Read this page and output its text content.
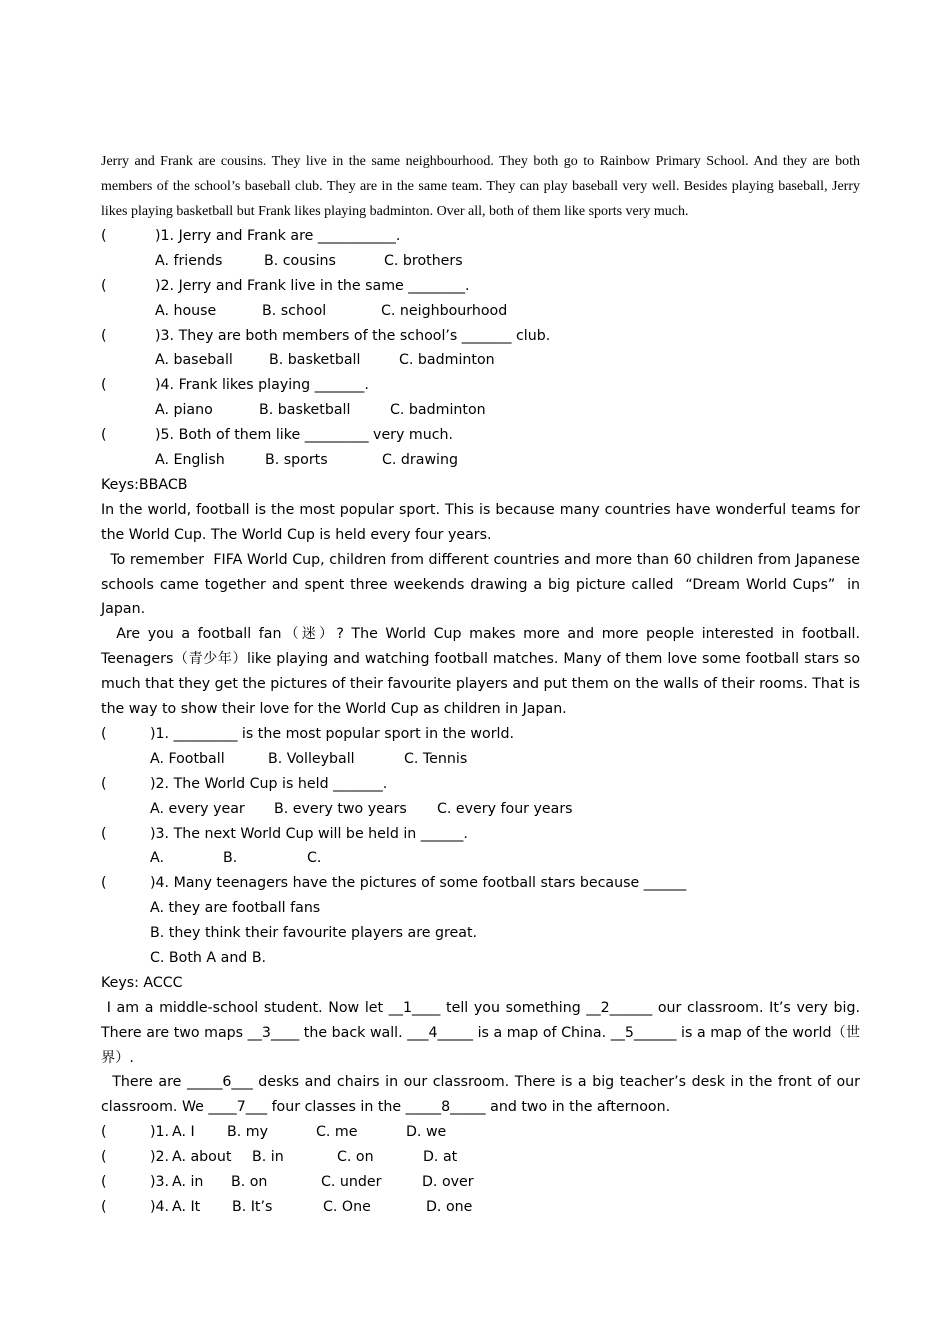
Jerry and Frank are cousins. They live in the same neighbourhood. They both go to Rainbow Primary School. And they are both members of the school’s baseball club. They are in the same team. They can play baseball very well. Besides playing baseball, Jerry likes playing basketball but Frank likes playing badminton. Over all, both of them like sports very much.
(	)1. Jerry and Frank are ___________.
A. friends	B. cousins	C. brothers
(	)2. Jerry and Frank live in the same ________.
A. house	B. school	C. neighbourhood
(	)3. They are both members of the school’s _______ club.
A. baseball	B. basketball	C. badminton
(	)4. Frank likes playing _______.
A. piano	B. basketball	C. badminton
(	)5. Both of them like _________ very much.
A. English	B. sports	C. drawing
Keys:BBACB
In the world, football is the most popular sport. This is because many countries have wonderful teams for the World Cup. The World Cup is held every four years.
To remember  FIFA World Cup, children from different countries and more than 60 children from Japanese schools came together and spent three weekends drawing a big picture called  “Dream World Cups”  in Japan.
Are you a football fan（迷）? The World Cup makes more and more people interested in football. Teenagers（青少年）like playing and watching football matches. Many of them love some football stars so much that they get the pictures of their favourite players and put them on the walls of their rooms. That is the way to show their love for the World Cup as children in Japan.
(	)1. _________ is the most popular sport in the world.
A. Football	B. Volleyball	C. Tennis
(	)2. The World Cup is held _______.
A. every year B. every two years C. every four years
(	)3. The next World Cup will be held in ______.
A.	B.	C.
(	)4. Many teenagers have the pictures of some football stars because ______
A. they are football fans
B. they think their favourite players are great.
C. Both A and B.
Keys: ACCC
I am a middle-school student. Now let __1____ tell you something __2______ our classroom. It’s very big. There are two maps __3____ the back wall. ___4_____ is a map of China. __5______ is a map of the world（世界）.
There are _____6___ desks and chairs in our classroom. There is a big teacher’s desk in the front of our classroom. We ____7___ four classes in the _____8_____ and two in the afternoon.
(	)1. A. I B. my	C. me	D. we
(	)2. A. about B. in	C. on	D. at
(	)3. A. in B. on	C. under	D. over
(	)4. A. It B. It’s	C. One	D. one
